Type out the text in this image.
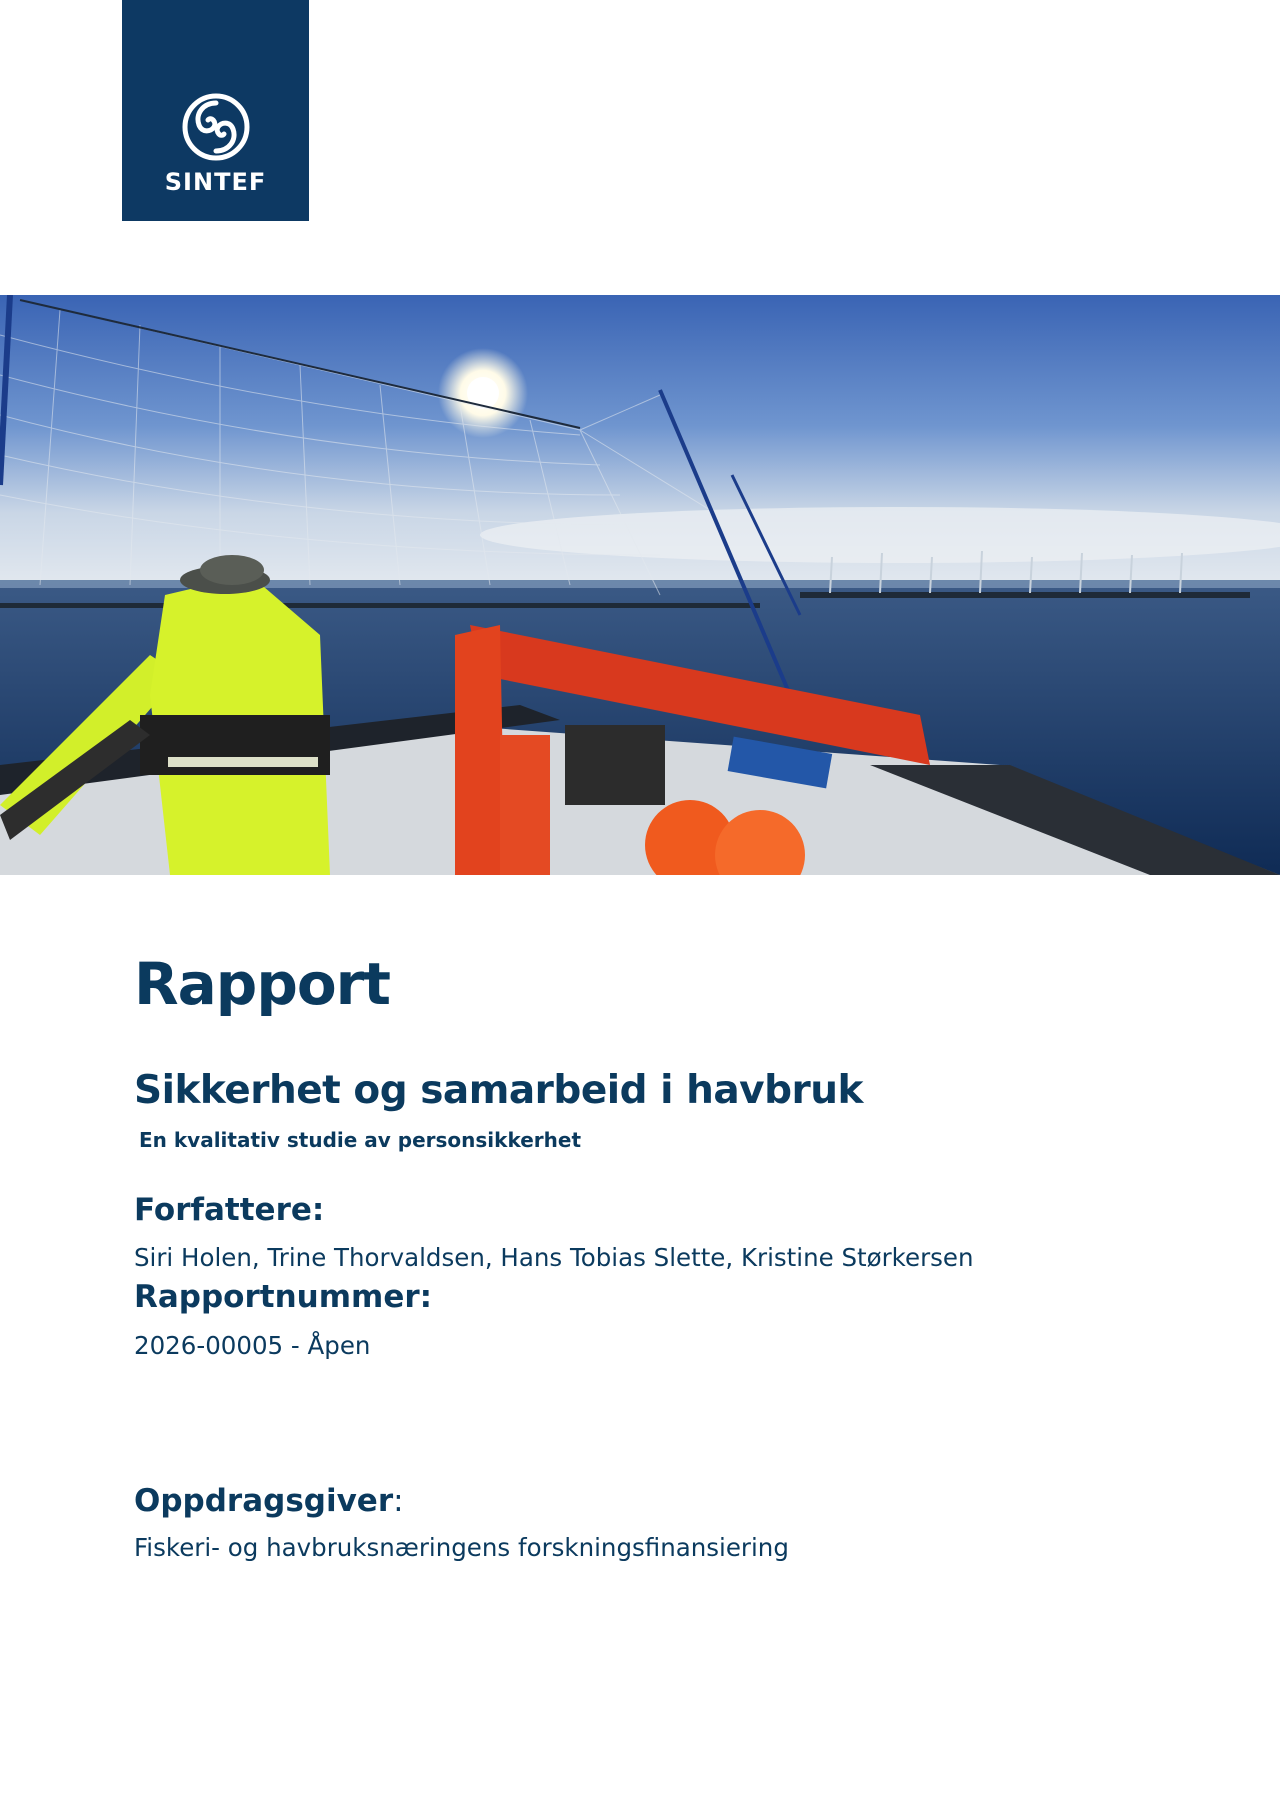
SINTEF
Rapport
Sikkerhet og samarbeid i havbruk

En kvalitativ studie av personsikkerhet

Forfattere:

Siri Holen, Trine Thorvaldsen, Hans Tobias Slette, Kristine Størkersen

Rapportnummer:

2026-00005 - Åpen

Oppdragsgiver:

Fiskeri- og havbruksnæringens forskningsfinansiering
